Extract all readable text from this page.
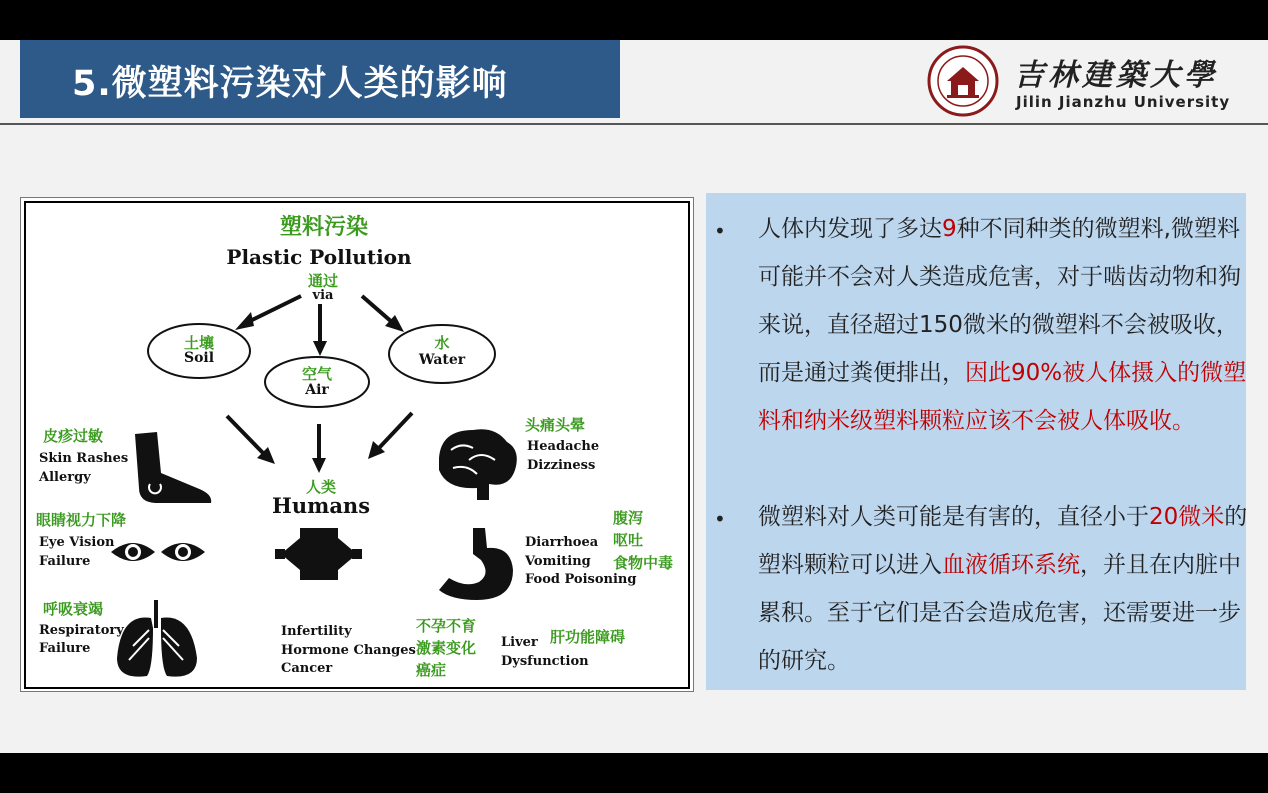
5.微塑料污染对人类的影响	吉林建築大學
Jilin Jianzhu University
塑料污染
Plastic Pollution
通过
via
土壤
Soil
空气
Air
水
Water
人类
Humans
皮疹过敏
Skin Rashes
Allergy
眼睛视力下降
Eye Vision
Failure
呼吸衰竭
Respiratory
Failure
头痛头晕
Headache
Dizziness
Diarrhoea
Vomiting
Food Poisoning
腹泻
呕吐
食物中毒
Infertility
Hormone Changes
Cancer
不孕不育
激素变化
癌症
Liver
Dysfunction
肝功能障碍
• 人体内发现了多达9种不同种类的微塑料,微塑料可能并不会对人类造成危害，对于啮齿动物和狗来说，直径超过150微米的微塑料不会被吸收，而是通过粪便排出，因此90%被人体摄入的微塑料和纳米级塑料颗粒应该不会被人体吸收。
• 微塑料对人类可能是有害的，直径小于20微米的塑料颗粒可以进入血液循环系统，并且在内脏中累积。至于它们是否会造成危害，还需要进一步的研究。
